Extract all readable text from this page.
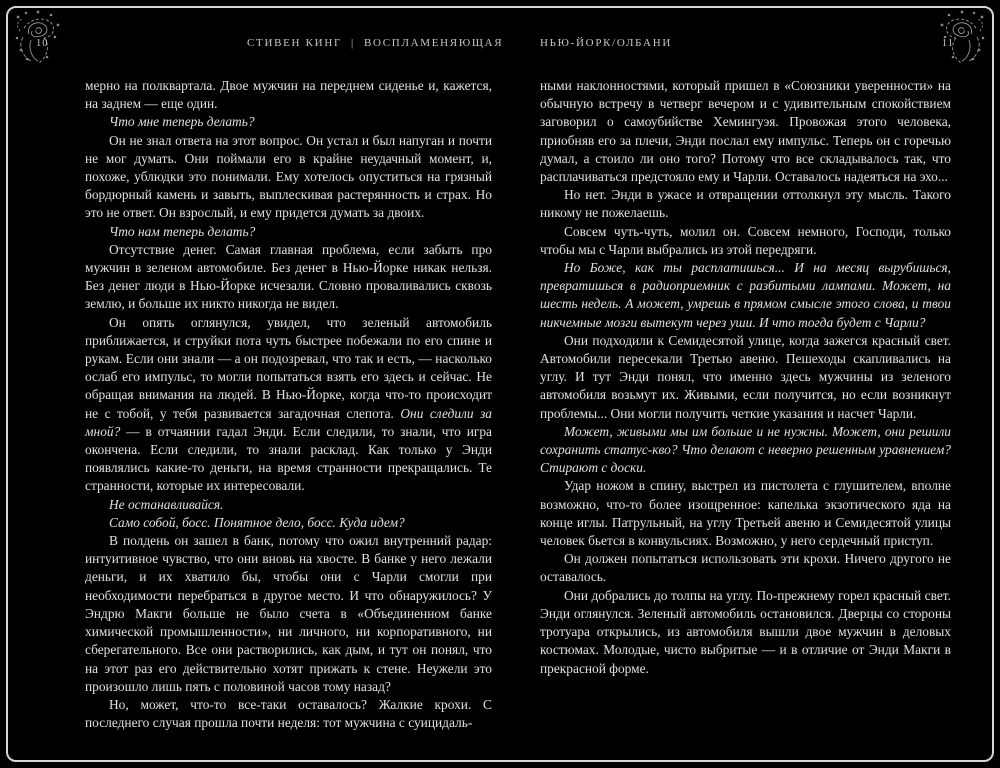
10	11
СТИВЕН КИНГ | ВОСПЛАМЕНЯЮЩАЯ	НЬЮ-ЙОРК/ОЛБАНИ

мерно на полквартала. Двое мужчин на переднем сиденье и, кажется, на заднем — еще один.

Что мне теперь делать?

Он не знал ответа на этот вопрос. Он устал и был напуган и почти не мог думать. Они поймали его в крайне неудачный момент, и, похоже, ублюдки это понимали. Ему хотелось опуститься на грязный бордюрный камень и завыть, выплескивая растерянность и страх. Но это не ответ. Он взрослый, и ему придется думать за двоих.

Что нам теперь делать?

Отсутствие денег. Самая главная проблема, если забыть про мужчин в зеленом автомобиле. Без денег в Нью-Йорке никак нельзя. Без денег люди в Нью-Йорке исчезали. Словно проваливались сквозь землю, и больше их никто никогда не видел.

Он опять оглянулся, увидел, что зеленый автомобиль приближается, и струйки пота чуть быстрее побежали по его спине и рукам. Если они знали — а он подозревал, что так и есть, — насколько ослаб его импульс, то могли попытаться взять его здесь и сейчас. Не обращая внимания на людей. В Нью-Йорке, когда что-то происходит не с тобой, у тебя развивается загадочная слепота. Они следили за мной? — в отчаянии гадал Энди. Если следили, то знали, что игра окончена. Если следили, то знали расклад. Как только у Энди появлялись какие-то деньги, на время странности прекращались. Те странности, которые их интересовали.

Не останавливайся.

Само собой, босс. Понятное дело, босс. Куда идем?

В полдень он зашел в банк, потому что ожил внутренний радар: интуитивное чувство, что они вновь на хвосте. В банке у него лежали деньги, и их хватило бы, чтобы они с Чарли смогли при необходимости перебраться в другое место. И что обнаружилось? У Эндрю Макги больше не было счета в «Объединенном банке химической промышленности», ни личного, ни корпоративного, ни сберегательного. Все они растворились, как дым, и тут он понял, что на этот раз его действительно хотят прижать к стене. Неужели это произошло лишь пять с половиной часов тому назад?

Но, может, что-то все-таки оставалось? Жалкие крохи. С последнего случая прошла почти неделя: тот мужчина с суицидаль-

ными наклонностями, который пришел в «Союзники уверенности» на обычную встречу в четверг вечером и с удивительным спокойствием заговорил о самоубийстве Хемингуэя. Провожая этого человека, приобняв его за плечи, Энди послал ему импульс. Теперь он с горечью думал, а стоило ли оно того? Потому что все складывалось так, что расплачиваться предстояло ему и Чарли. Оставалось надеяться на эхо...

Но нет. Энди в ужасе и отвращении оттолкнул эту мысль. Такого никому не пожелаешь.

Совсем чуть-чуть, молил он. Совсем немного, Господи, только чтобы мы с Чарли выбрались из этой передряги.

Но Боже, как ты расплатишься... И на месяц вырубишься, превратишься в радиоприемник с разбитыми лампами. Может, на шесть недель. А может, умрешь в прямом смысле этого слова, и твои никчемные мозги вытекут через уши. И что тогда будет с Чарли?

Они подходили к Семидесятой улице, когда зажегся красный свет. Автомобили пересекали Третью авеню. Пешеходы скапливались на углу. И тут Энди понял, что именно здесь мужчины из зеленого автомобиля возьмут их. Живыми, если получится, но если возникнут проблемы... Они могли получить четкие указания и насчет Чарли.

Может, живыми мы им больше и не нужны. Может, они решили сохранить статус-кво? Что делают с неверно решенным уравнением? Стирают с доски.

Удар ножом в спину, выстрел из пистолета с глушителем, вполне возможно, что-то более изощренное: капелька экзотического яда на конце иглы. Патрульный, на углу Третьей авеню и Семидесятой улицы человек бьется в конвульсиях. Возможно, у него сердечный приступ.

Он должен попытаться использовать эти крохи. Ничего другого не оставалось.

Они добрались до толпы на углу. По-прежнему горел красный свет. Энди оглянулся. Зеленый автомобиль остановился. Дверцы со стороны тротуара открылись, из автомобиля вышли двое мужчин в деловых костюмах. Молодые, чисто выбритые — и в отличие от Энди Макги в прекрасной форме.
